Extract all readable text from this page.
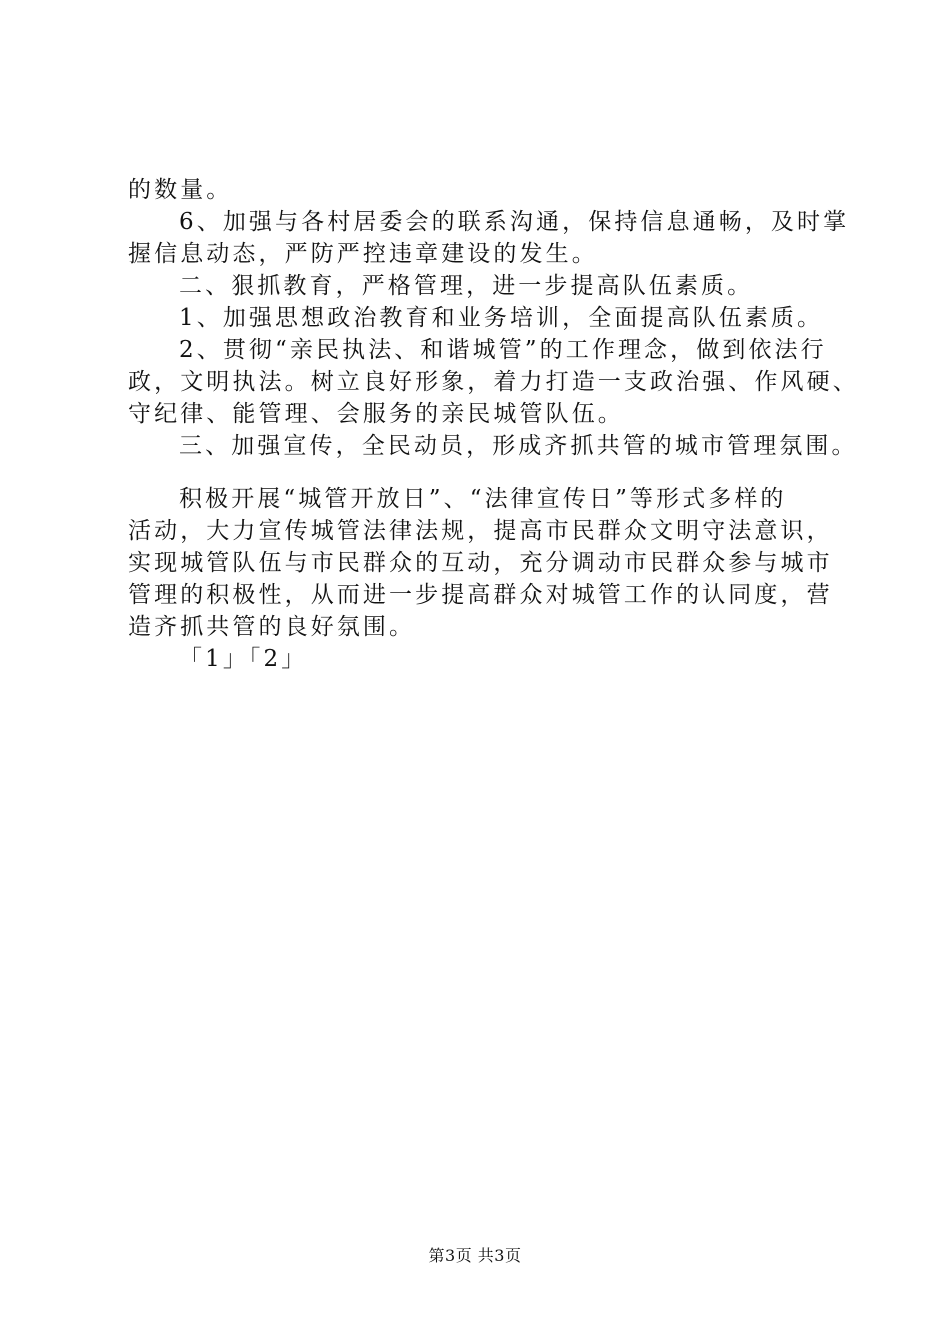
的数量。
6、加强与各村居委会的联系沟通，保持信息通畅，及时掌
握信息动态，严防严控违章建设的发生。
二、狠抓教育，严格管理，进一步提高队伍素质。
1、加强思想政治教育和业务培训，全面提高队伍素质。
2、贯彻“亲民执法、和谐城管”的工作理念，做到依法行
政，文明执法。树立良好形象，着力打造一支政治强、作风硬、
守纪律、能管理、会服务的亲民城管队伍。
三、加强宣传，全民动员，形成齐抓共管的城市管理氛围。
积极开展“城管开放日”、“法律宣传日”等形式多样的
活动，大力宣传城管法律法规，提高市民群众文明守法意识，
实现城管队伍与市民群众的互动，充分调动市民群众参与城市
管理的积极性，从而进一步提高群众对城管工作的认同度，营
造齐抓共管的良好氛围。
「1」「2」
第3页 共3页
